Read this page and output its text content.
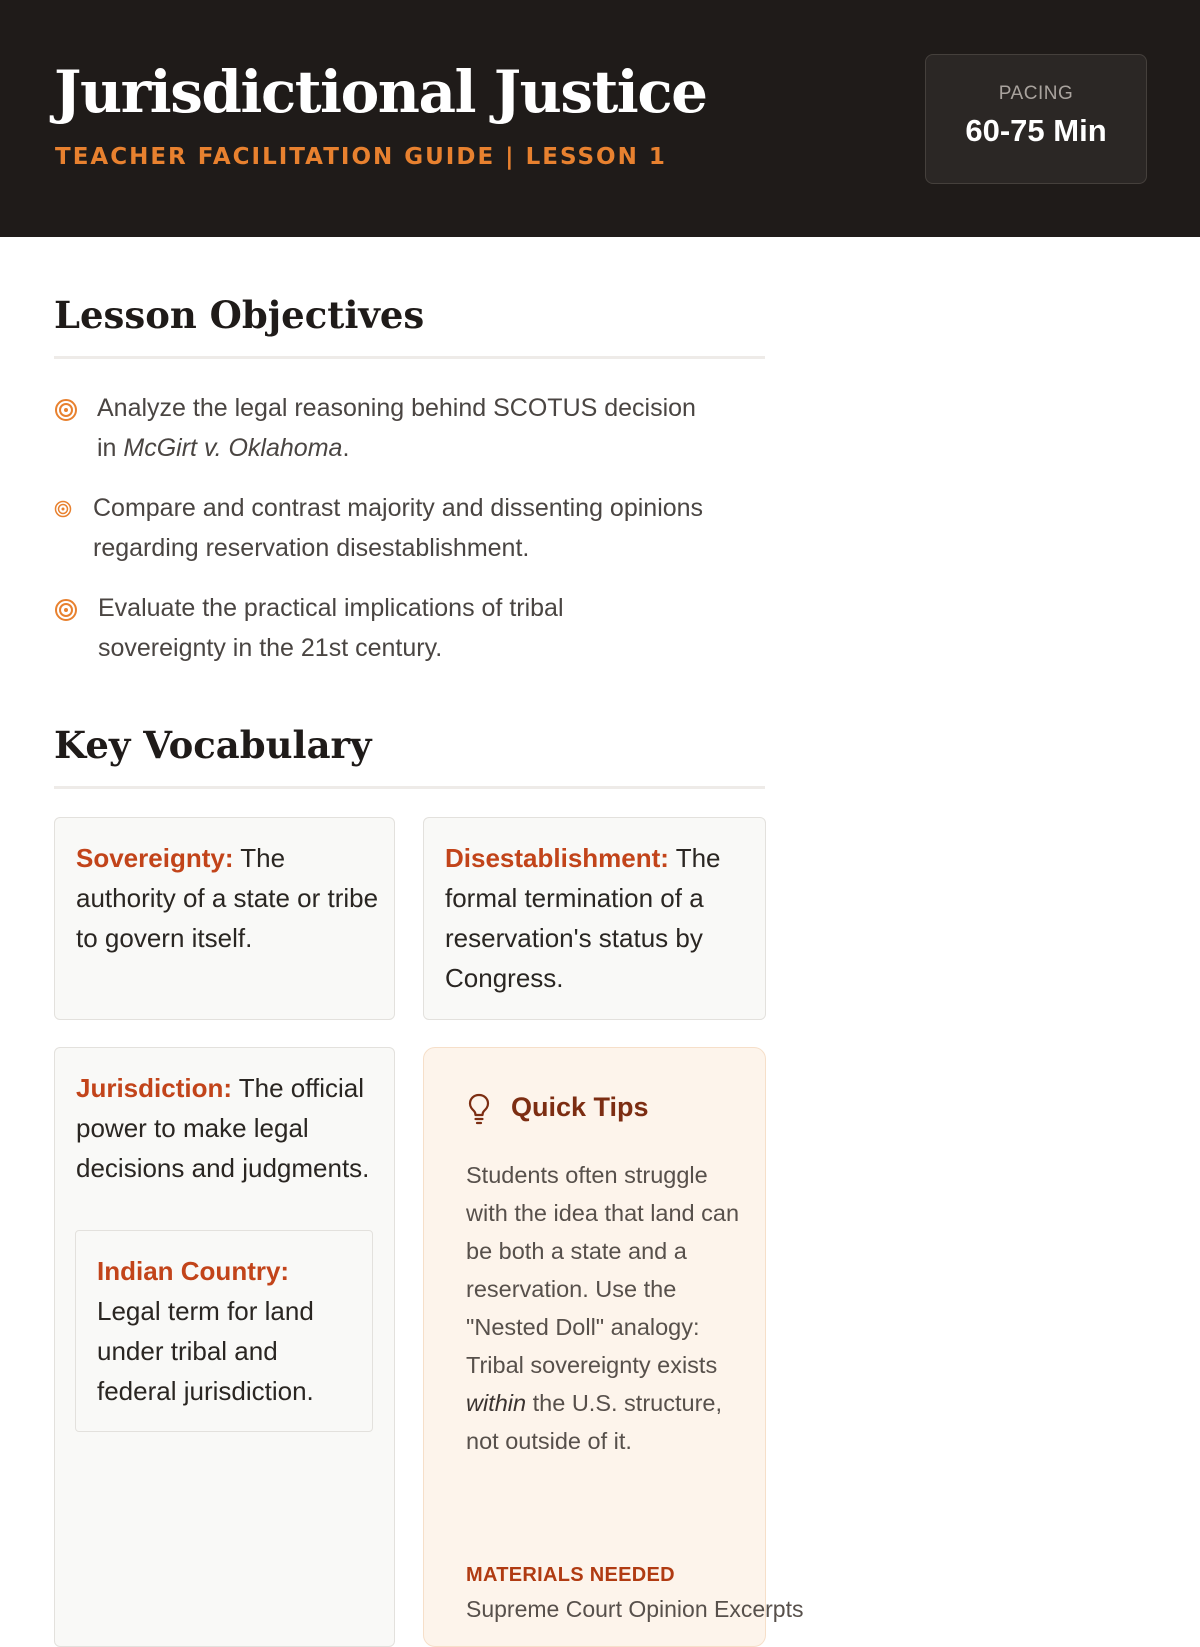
Jurisdictional Justice
TEACHER FACILITATION GUIDE | LESSON 1
PACING
60-75 Min
Lesson Objectives
Analyze the legal reasoning behind SCOTUS decision in McGirt v. Oklahoma.
Compare and contrast majority and dissenting opinions regarding reservation disestablishment.
Evaluate the practical implications of tribal sovereignty in the 21st century.
Key Vocabulary
Sovereignty: The authority of a state or tribe to govern itself.
Disestablishment: The formal termination of a reservation's status by Congress.
Jurisdiction: The official power to make legal decisions and judgments.
Indian Country:
Legal term for land under tribal and federal jurisdiction.
Quick Tips
Students often struggle with the idea that land can be both a state and a reservation. Use the "Nested Doll" analogy: Tribal sovereignty exists within the U.S. structure, not outside of it.
MATERIALS NEEDED
Supreme Court Opinion Excerpts
